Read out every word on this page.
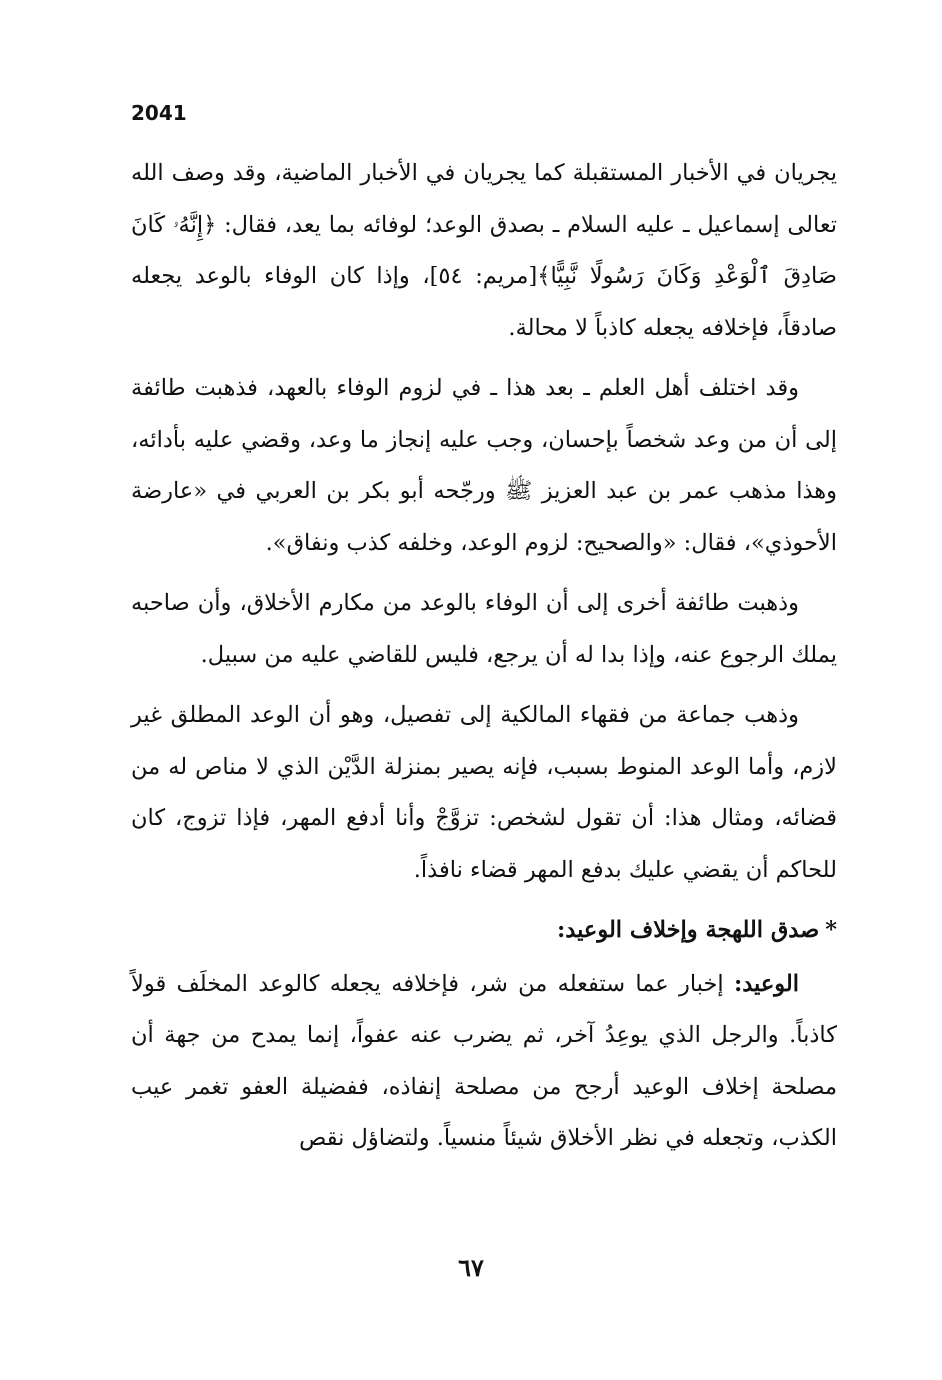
2041

يجريان في الأخبار المستقبلة كما يجريان في الأخبار الماضية، وقد وصف الله تعالى إسماعيل ـ عليه السلام ـ بصدق الوعد؛ لوفائه بما يعد، فقال: ﴿إِنَّهُۥ كَانَ صَادِقَ ٱلْوَعْدِ وَكَانَ رَسُولًا نَّبِيًّا﴾[مريم: ٥٤]، وإذا كان الوفاء بالوعد يجعله صادقاً، فإخلافه يجعله كاذباً لا محالة.

وقد اختلف أهل العلم ـ بعد هذا ـ في لزوم الوفاء بالعهد، فذهبت طائفة إلى أن من وعد شخصاً بإحسان، وجب عليه إنجاز ما وعد، وقضي عليه بأدائه، وهذا مذهب عمر بن عبد العزيز ﷺ ورجّحه أبو بكر بن العربي في «عارضة الأحوذي»، فقال: «والصحيح: لزوم الوعد، وخلفه كذب ونفاق».

وذهبت طائفة أخرى إلى أن الوفاء بالوعد من مكارم الأخلاق، وأن صاحبه يملك الرجوع عنه، وإذا بدا له أن يرجع، فليس للقاضي عليه من سبيل.

وذهب جماعة من فقهاء المالكية إلى تفصيل، وهو أن الوعد المطلق غير لازم، وأما الوعد المنوط بسبب، فإنه يصير بمنزلة الدَّيْن الذي لا مناص له من قضائه، ومثال هذا: أن تقول لشخص: تزوَّجْ وأنا أدفع المهر، فإذا تزوج، كان للحاكم أن يقضي عليك بدفع المهر قضاء نافذاً.

*صدق اللهجة وإخلاف الوعيد:

الوعيد: إخبار عما ستفعله من شر، فإخلافه يجعله كالوعد المخلَف قولاً كاذباً. والرجل الذي يوعِدُ آخر، ثم يضرب عنه عفواً، إنما يمدح من جهة أن مصلحة إخلاف الوعيد أرجح من مصلحة إنفاذه، ففضيلة العفو تغمر عيب الكذب، وتجعله في نظر الأخلاق شيئاً منسياً. ولتضاؤل نقص

٦٧
